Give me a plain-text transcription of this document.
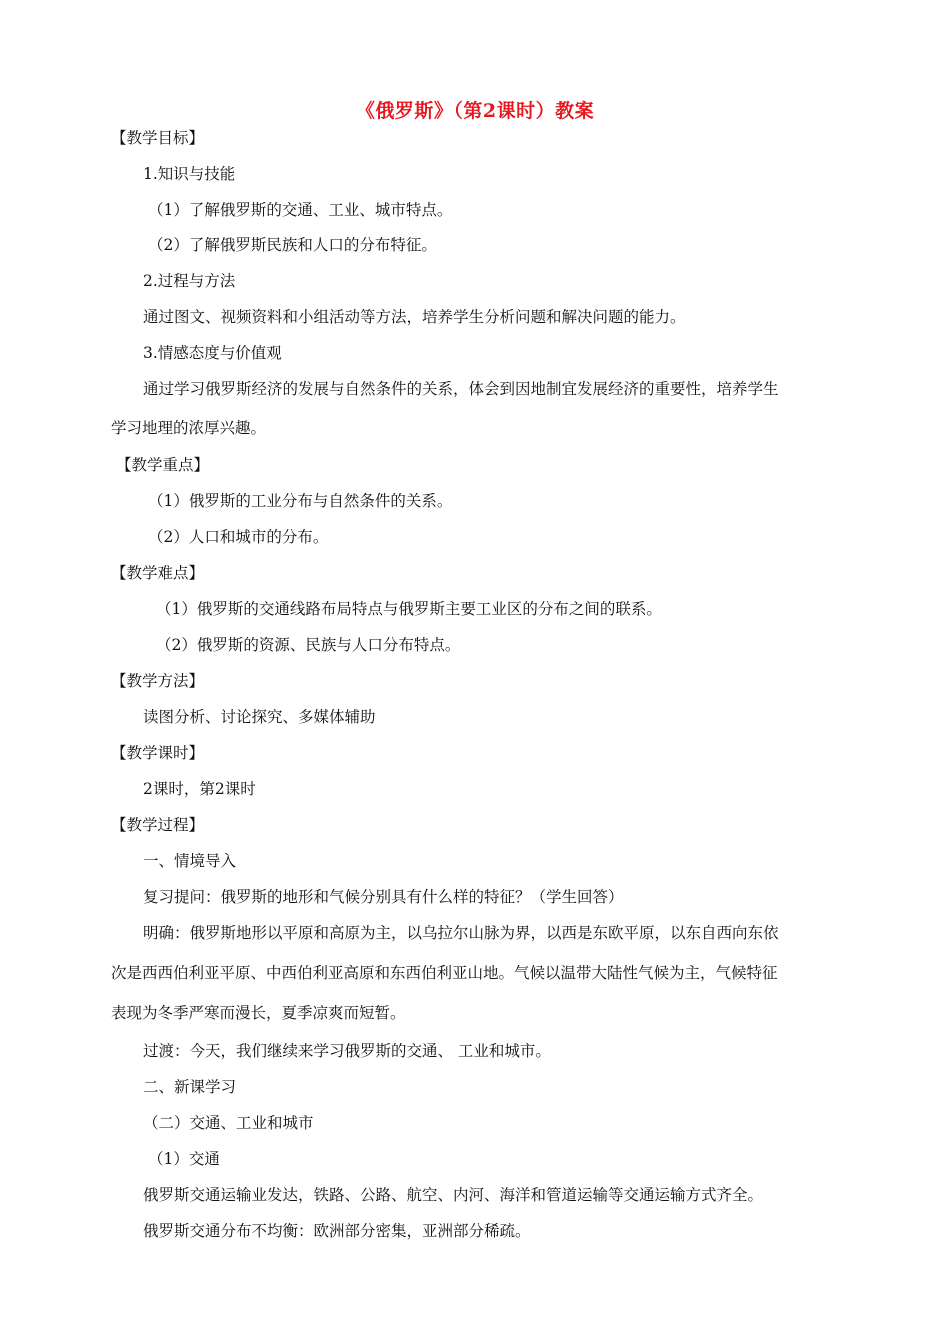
《俄罗斯》（第2课时）教案
【教学目标】
1.知识与技能
（1）了解俄罗斯的交通、工业、城市特点。
（2）了解俄罗斯民族和人口的分布特征。
2.过程与方法
通过图文、视频资料和小组活动等方法，培养学生分析问题和解决问题的能力。
3.情感态度与价值观
通过学习俄罗斯经济的发展与自然条件的关系，体会到因地制宜发展经济的重要性，培养学生
学习地理的浓厚兴趣。
【教学重点】
（1）俄罗斯的工业分布与自然条件的关系。
（2）人口和城市的分布。
【教学难点】
（1）俄罗斯的交通线路布局特点与俄罗斯主要工业区的分布之间的联系。
（2）俄罗斯的资源、民族与人口分布特点。
【教学方法】
读图分析、讨论探究、多媒体辅助
【教学课时】
2课时，第2课时
【教学过程】
一、情境导入
复习提问：俄罗斯的地形和气候分别具有什么样的特征？（学生回答）
明确：俄罗斯地形以平原和高原为主，以乌拉尔山脉为界，以西是东欧平原，以东自西向东依
次是西西伯利亚平原、中西伯利亚高原和东西伯利亚山地。气候以温带大陆性气候为主，气候特征
表现为冬季严寒而漫长，夏季凉爽而短暂。
过渡：今天，我们继续来学习俄罗斯的交通、 工业和城市。
二、新课学习
（二）交通、工业和城市
（1）交通
俄罗斯交通运输业发达，铁路、公路、航空、内河、海洋和管道运输等交通运输方式齐全。
俄罗斯交通分布不均衡：欧洲部分密集，亚洲部分稀疏。
